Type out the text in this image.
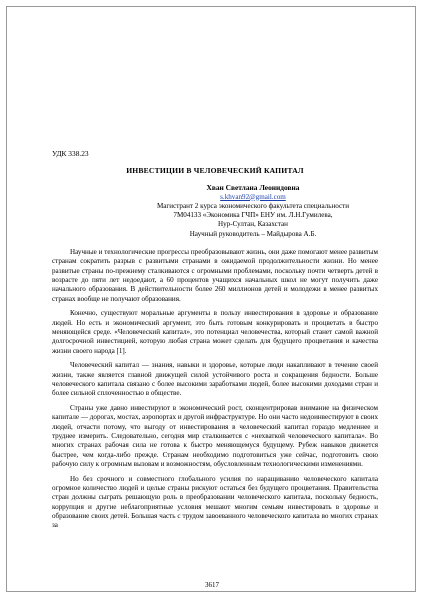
УДК 338.23
ИНВЕСТИЦИИ В ЧЕЛОВЕЧЕСКИЙ КАПИТАЛ
Хван Светлана Леонидовна
s.khvan92@gmail.com
Магистрант 2 курса экономического факультета специальности
7М04133 «Экономика ГЧП» ЕНУ им. Л.Н.Гумилева,
Нур-Султан, Казахстан
Научный руководитель – Майдырова А.Б.

Научные и технологические прогрессы преобразовывают жизнь, они даже помогают менее развитым странам сократить разрыв с развитыми странами в ожидаемой продолжительности жизни. Но менее развитые страны по-прежнему сталкиваются с огромными проблемами, поскольку почти четверть детей в возрасте до пяти лет недоедают, а 60 процентов учащихся начальных школ не могут получить даже начального образования. В действительности более 260 миллионов детей и молодежи в менее развитых странах вообще не получают образования.

Конечно, существуют моральные аргументы в пользу инвестирования в здоровье и образование людей. Но есть и экономический аргумент, это быть готовым конкурировать и процветать в быстро меняющейся среде. «Человеческий капитал», это потенциал человечества, который станет самой важной долгосрочной инвестицией, которую любая страна может сделать для будущего процветания и качества жизни своего народа [1].

Человеческий капитал — знания, навыки и здоровье, которые люди накапливают в течение своей жизни, также является главной движущей силой устойчивого роста и сокращения бедности. Больше человеческого капитала связано с более высокими заработками людей, более высокими доходами стран и более сильной сплоченностью в обществе.

Страны уже давно инвестируют в экономический рост, сконцентрировав внимание на физическом капитале — дорогах, мостах, аэропортах и другой инфраструктуре. Но они часто недоинвестируют в своих людей, отчасти потому, что выгоду от инвестирования в человеческий капитал гораздо медленнее и труднее измерить. Следовательно, сегодня мир сталкивается с «нехваткой человеческого капитала». Во многих странах рабочая сила не готова к быстро меняющемуся будущему. Рубеж навыков движется быстрее, чем когда-либо прежде. Странам необходимо подготовиться уже сейчас, подготовить свою рабочую силу к огромным вызовам и возможностям, обусловленным технологическими изменениями.

Но без срочного и совместного глобального усилия по наращиванию человеческого капитала огромное количество людей и целые страны рискуют остаться без будущего процветания. Правительства стран должны сыграть решающую роль в преобразовании человеческого капитала, поскольку бедность, коррупция и другие неблагоприятные условия мешают многим семьям инвестировать в здоровье и образование своих детей. Большая часть с трудом завоеванного человеческого капитала во многих странах за

3617
